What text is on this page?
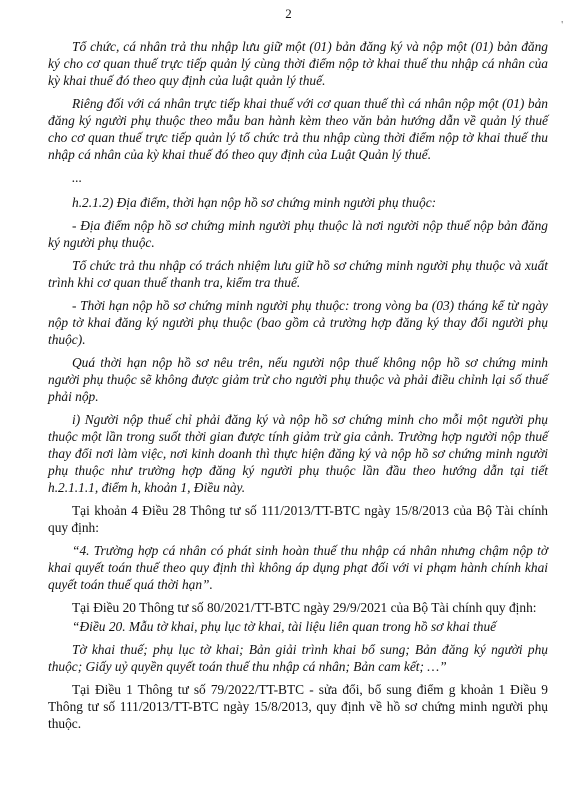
2
'

Tổ chức, cá nhân trả thu nhập lưu giữ một (01) bản đăng ký và nộp một (01) bản đăng ký cho cơ quan thuế trực tiếp quản lý cùng thời điểm nộp tờ khai thuế thu nhập cá nhân của kỳ khai thuế đó theo quy định của luật quản lý thuế.

Riêng đối với cá nhân trực tiếp khai thuế với cơ quan thuế thì cá nhân nộp một (01) bản đăng ký người phụ thuộc theo mẫu ban hành kèm theo văn bản hướng dẫn về quản lý thuế cho cơ quan thuế trực tiếp quản lý tổ chức trả thu nhập cùng thời điểm nộp tờ khai thuế thu nhập cá nhân của kỳ khai thuế đó theo quy định của Luật Quản lý thuế.

...

h.2.1.2) Địa điểm, thời hạn nộp hồ sơ chứng minh người phụ thuộc:

- Địa điểm nộp hồ sơ chứng minh người phụ thuộc là nơi người nộp thuế nộp bản đăng ký người phụ thuộc.

Tổ chức trả thu nhập có trách nhiệm lưu giữ hồ sơ chứng minh người phụ thuộc và xuất trình khi cơ quan thuế thanh tra, kiểm tra thuế.

- Thời hạn nộp hồ sơ chứng minh người phụ thuộc: trong vòng ba (03) tháng kể từ ngày nộp tờ khai đăng ký người phụ thuộc (bao gồm cả trường hợp đăng ký thay đổi người phụ thuộc).

Quá thời hạn nộp hồ sơ nêu trên, nếu người nộp thuế không nộp hồ sơ chứng minh người phụ thuộc sẽ không được giảm trừ cho người phụ thuộc và phải điều chỉnh lại số thuế phải nộp.

i) Người nộp thuế chỉ phải đăng ký và nộp hồ sơ chứng minh cho mỗi một người phụ thuộc một lần trong suốt thời gian được tính giảm trừ gia cảnh. Trường hợp người nộp thuế thay đổi nơi làm việc, nơi kinh doanh thì thực hiện đăng ký và nộp hồ sơ chứng minh người phụ thuộc như trường hợp đăng ký người phụ thuộc lần đầu theo hướng dẫn tại tiết h.2.1.1.1, điểm h, khoản 1, Điều này.

Tại khoản 4 Điều 28 Thông tư số 111/2013/TT-BTC ngày 15/8/2013 của Bộ Tài chính quy định:

“4. Trường hợp cá nhân có phát sinh hoàn thuế thu nhập cá nhân nhưng chậm nộp tờ khai quyết toán thuế theo quy định thì không áp dụng phạt đối với vi phạm hành chính khai quyết toán thuế quá thời hạn”.

Tại Điều 20 Thông tư số 80/2021/TT-BTC ngày 29/9/2021 của Bộ Tài chính quy định:

“Điều 20. Mẫu tờ khai, phụ lục tờ khai, tài liệu liên quan trong hồ sơ khai thuế

Tờ khai thuế; phụ lục tờ khai; Bản giải trình khai bổ sung; Bản đăng ký người phụ thuộc; Giấy uỷ quyền quyết toán thuế thu nhập cá nhân; Bản cam kết; …”

Tại Điều 1 Thông tư số 79/2022/TT-BTC - sửa đổi, bổ sung điểm g khoản 1 Điều 9 Thông tư số 111/2013/TT-BTC ngày 15/8/2013, quy định về hồ sơ chứng minh người phụ thuộc.
